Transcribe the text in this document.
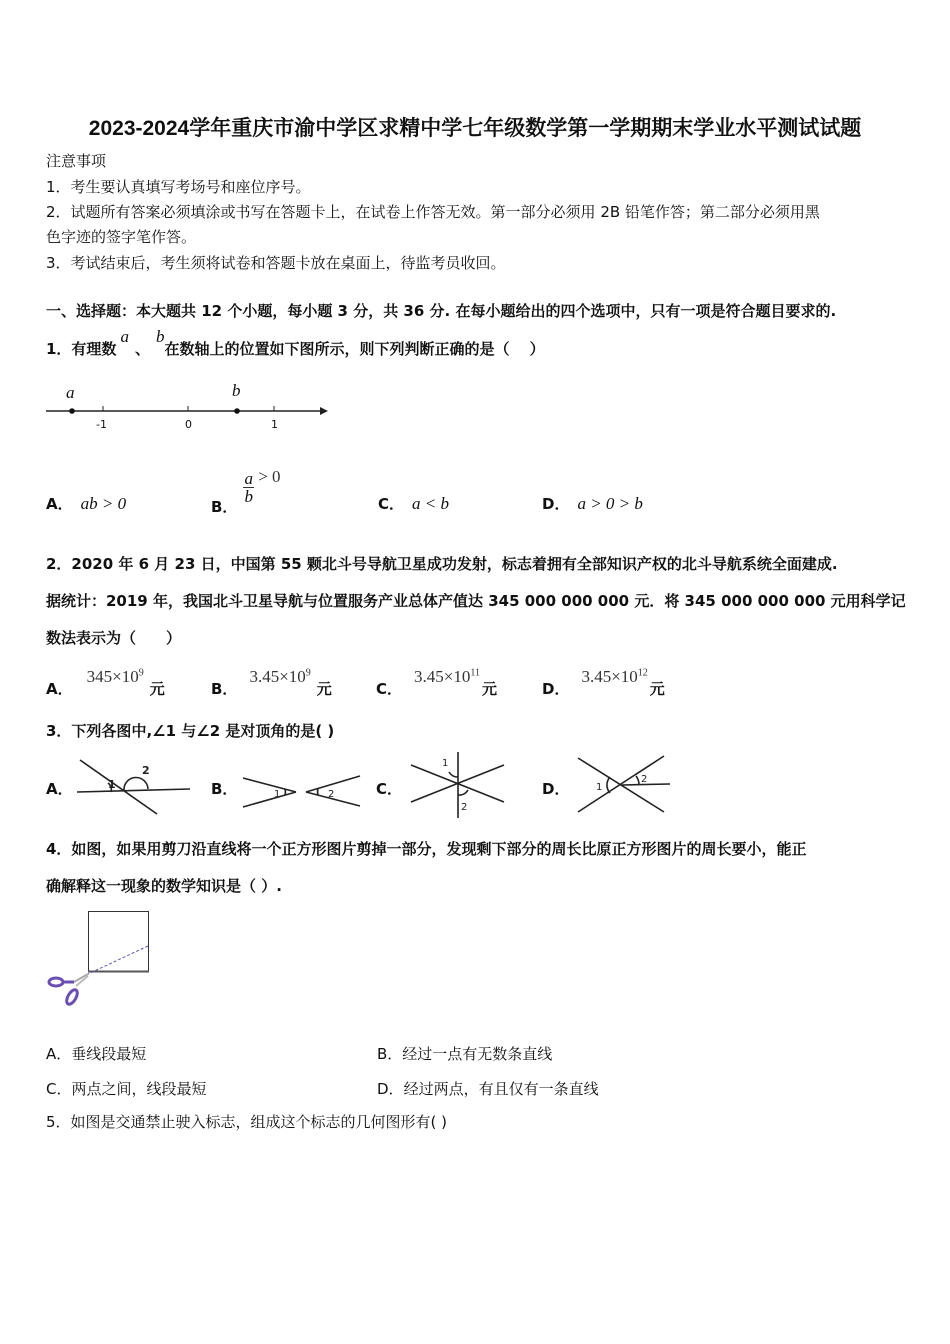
2023-2024学年重庆市渝中学区求精中学七年级数学第一学期期末学业水平测试试题
注意事项
1．考生要认真填写考场号和座位序号。
2．试题所有答案必须填涂或书写在答题卡上，在试卷上作答无效。第一部分必须用 2B 铅笔作答；第二部分必须用黑
色字迹的签字笔作答。
3．考试结束后，考生须将试卷和答题卡放在桌面上，待监考员收回。
一、选择题：本大题共 12 个小题，每小题 3 分，共 36 分. 在每小题给出的四个选项中，只有一项是符合题目要求的.
1．有理数a、b在数轴上的位置如下图所示，则下列判断正确的是（　 ）
a	b
-1	0	1
A． ab > 0	B．
$\frac{a}{b} > 0$
C． a < b	D． a > 0 > b
2．2020 年 6 月 23 日，中国第 55 颗北斗号导航卫星成功发射，标志着拥有全部知识产权的北斗导航系统全面建成.
据统计：2019 年，我国北斗卫星导航与位置服务产业总体产值达 345 000 000 000 元．将 345 000 000 000 元用科学记
数法表示为（　　）
A．$345\times 10^9$元	B．$3.45\times 10^9$元	C．$3.45\times 10^{11}$元	D．$3.45\times 10^{12}$元
3．下列各图中,∠1 与∠2 是对顶角的是( )
A．	B．	C．	D．
1
2
1	2
1
2
1
2
4．如图，如果用剪刀沿直线将一个正方形图片剪掉一部分，发现剩下部分的周长比原正方形图片的周长要小，能正
确解释这一现象的数学知识是（ ）.
A．垂线段最短	B．经过一点有无数条直线
C．两点之间，线段最短	D．经过两点，有且仅有一条直线
5．如图是交通禁止驶入标志，组成这个标志的几何图形有( )
